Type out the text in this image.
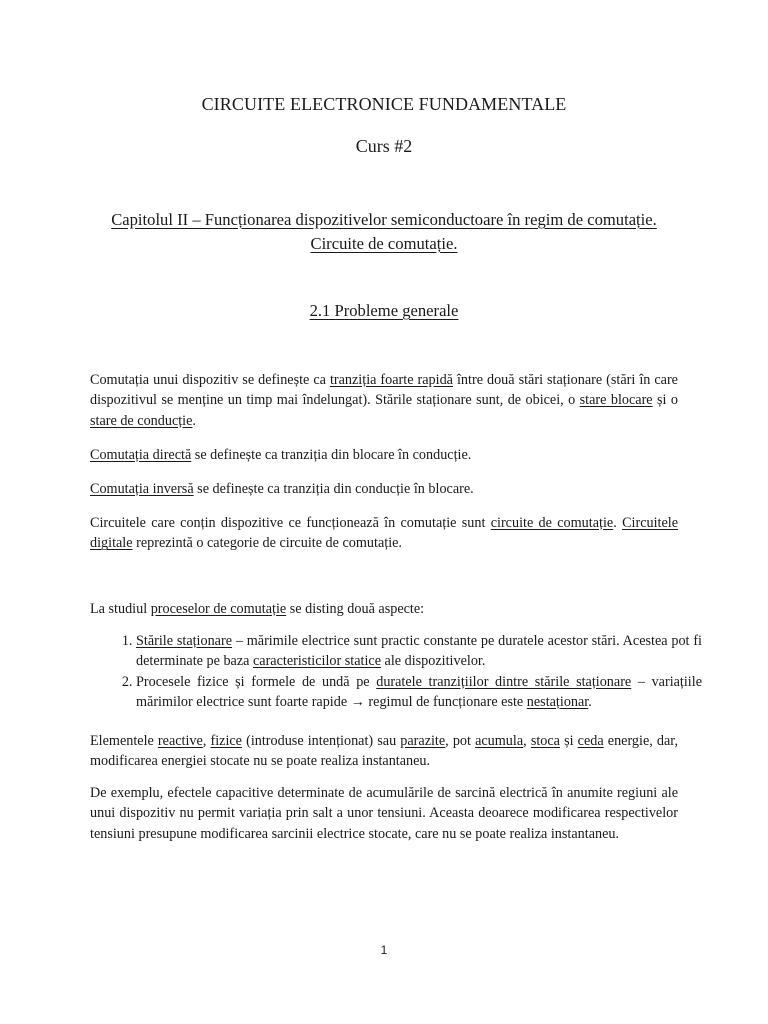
CIRCUITE ELECTRONICE FUNDAMENTALE
Curs #2
Capitolul II – Funcționarea dispozitivelor semiconductoare în regim de comutație.
Circuite de comutație.
2.1 Probleme generale

Comutația unui dispozitiv se definește ca tranziția foarte rapidă între două stări staționare (stări în care dispozitivul se menține un timp mai îndelungat). Stările staționare sunt, de obicei, o stare blocare și o stare de conducție.

Comutația directă se definește ca tranziția din blocare în conducție.

Comutația inversă se definește ca tranziția din conducție în blocare.

Circuitele care conțin dispozitive ce funcționează în comutație sunt circuite de comutație. Circuitele digitale reprezintă o categorie de circuite de comutație.

La studiul proceselor de comutație se disting două aspecte:

1. Stările staționare – mărimile electrice sunt practic constante pe duratele acestor stări. Acestea pot fi determinate pe baza caracteristicilor statice ale dispozitivelor.
2. Procesele fizice și formele de undă pe duratele tranzițiilor dintre stările staționare – variațiile mărimilor electrice sunt foarte rapide → regimul de funcționare este nestaționar.

Elementele reactive, fizice (introduse intenționat) sau parazite, pot acumula, stoca și ceda energie, dar, modificarea energiei stocate nu se poate realiza instantaneu.

De exemplu, efectele capacitive determinate de acumulările de sarcină electrică în anumite regiuni ale unui dispozitiv nu permit variația prin salt a unor tensiuni. Aceasta deoarece modificarea respectivelor tensiuni presupune modificarea sarcinii electrice stocate, care nu se poate realiza instantaneu.

1
